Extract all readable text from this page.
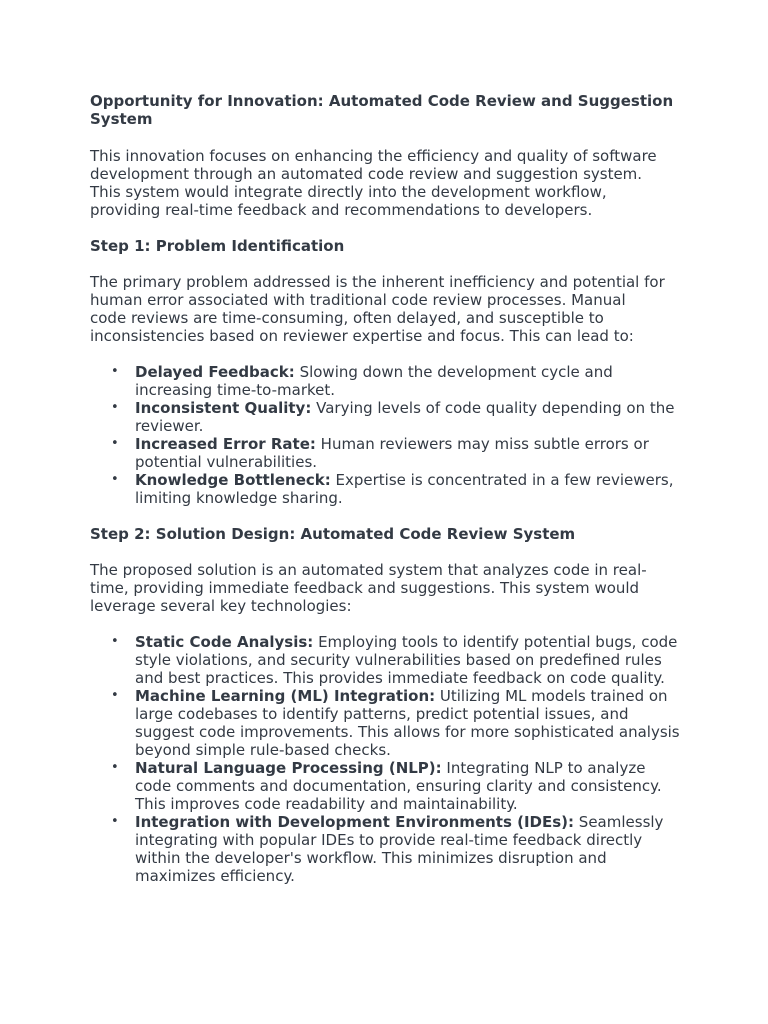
Opportunity for Innovation: Automated Code Review and Suggestion System

This innovation focuses on enhancing the efficiency and quality of software development through an automated code review and suggestion system. This system would integrate directly into the development workflow, providing real-time feedback and recommendations to developers.

Step 1: Problem Identification

The primary problem addressed is the inherent inefficiency and potential for human error associated with traditional code review processes. Manual code reviews are time-consuming, often delayed, and susceptible to inconsistencies based on reviewer expertise and focus. This can lead to:

• Delayed Feedback: Slowing down the development cycle and increasing time-to-market.
• Inconsistent Quality: Varying levels of code quality depending on the reviewer.
• Increased Error Rate: Human reviewers may miss subtle errors or potential vulnerabilities.
• Knowledge Bottleneck: Expertise is concentrated in a few reviewers, limiting knowledge sharing.
Step 2: Solution Design: Automated Code Review System

The proposed solution is an automated system that analyzes code in real-time, providing immediate feedback and suggestions. This system would leverage several key technologies:

• Static Code Analysis: Employing tools to identify potential bugs, code style violations, and security vulnerabilities based on predefined rules and best practices. This provides immediate feedback on code quality.
• Machine Learning (ML) Integration: Utilizing ML models trained on large codebases to identify patterns, predict potential issues, and suggest code improvements. This allows for more sophisticated analysis beyond simple rule-based checks.
• Natural Language Processing (NLP): Integrating NLP to analyze code comments and documentation, ensuring clarity and consistency. This improves code readability and maintainability.
• Integration with Development Environments (IDEs): Seamlessly integrating with popular IDEs to provide real-time feedback directly within the developer's workflow. This minimizes disruption and maximizes efficiency.
